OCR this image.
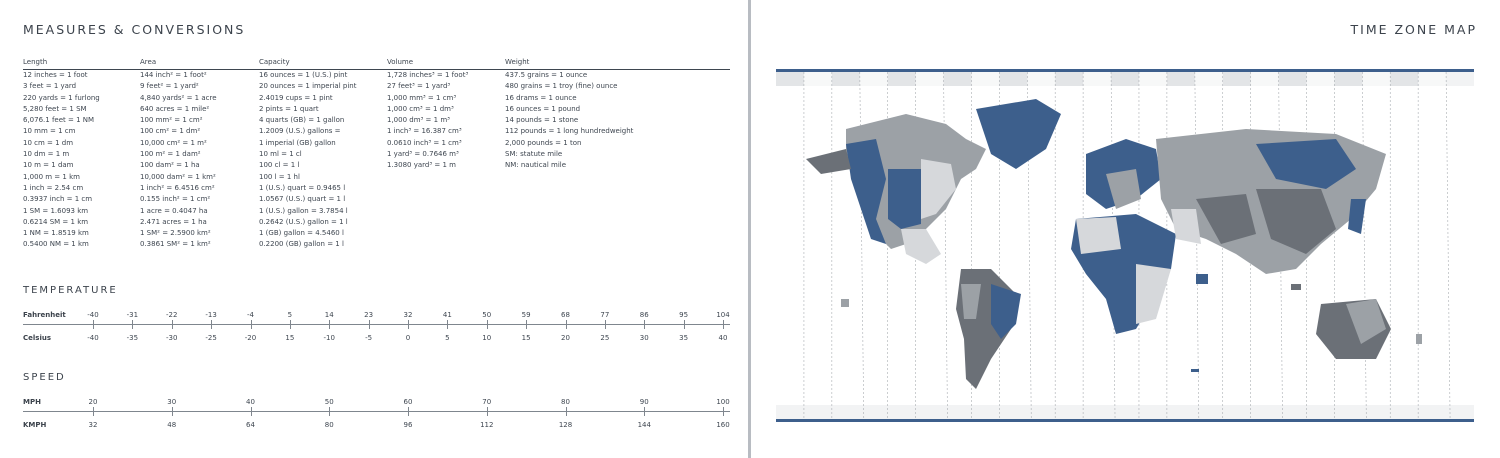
MEASURES & CONVERSIONS
Length
12 inches = 1 foot
3 feet = 1 yard
220 yards = 1 furlong
5,280 feet = 1 SM
6,076.1 feet = 1 NM
10 mm = 1 cm
10 cm = 1 dm
10 dm = 1 m
10 m = 1 dam
1,000 m = 1 km
1 inch = 2.54 cm
0.3937 inch = 1 cm
1 SM = 1.6093 km
0.6214 SM = 1 km
1 NM = 1.8519 km
0.5400 NM = 1 km
Area
144 inch² = 1 foot²
9 feet² = 1 yard²
4,840 yards² = 1 acre
640 acres = 1 mile²
100 mm² = 1 cm²
100 cm² = 1 dm²
10,000 cm² = 1 m²
100 m² = 1 dam²
100 dam² = 1 ha
10,000 dam² = 1 km²
1 inch² = 6.4516 cm²
0.155 inch² = 1 cm²
1 acre = 0.4047 ha
2.471 acres = 1 ha
1 SM² = 2.5900 km²
0.3861 SM² = 1 km²
Capacity
16 ounces = 1 (U.S.) pint
20 ounces = 1 imperial pint
2.4019 cups = 1 pint
2 pints = 1 quart
4 quarts (GB) = 1 gallon
1.2009 (U.S.) gallons =
1 imperial (GB) gallon
10 ml = 1 cl
100 cl = 1 l
100 l = 1 hl
1 (U.S.) quart = 0.9465 l
1.0567 (U.S.) quart = 1 l
1 (U.S.) gallon = 3.7854 l
0.2642 (U.S.) gallon = 1 l
1 (GB) gallon = 4.5460 l
0.2200 (GB) gallon = 1 l
Volume
1,728 inches³ = 1 foot³
27 feet³ = 1 yard³
1,000 mm³ = 1 cm³
1,000 cm³ = 1 dm³
1,000 dm³ = 1 m³
1 inch³ = 16.387 cm³
0.0610 inch³ = 1 cm³
1 yard³ = 0.7646 m³
1.3080 yard³ = 1 m
Weight
437.5 grains = 1 ounce
480 grains = 1 troy (fine) ounce
16 drams = 1 ounce
16 ounces = 1 pound
14 pounds = 1 stone
112 pounds = 1 long hundredweight
2,000 pounds = 1 ton
SM: statute mile
NM: nautical mile
TEMPERATURE
Fahrenheit
Celsius
-40
-40
-31
-35
-22
-30
-13
-25
-4
-20
5
15
14
-10
23
-5
32
0
41
5
50
10
59
15
68
20
77
25
86
30
95
35
104
40
SPEED
MPH
KMPH
20
32
30
48
40
64
50
80
60
96
70
112
80
128
90
144
100
160
TIME ZONE MAP
